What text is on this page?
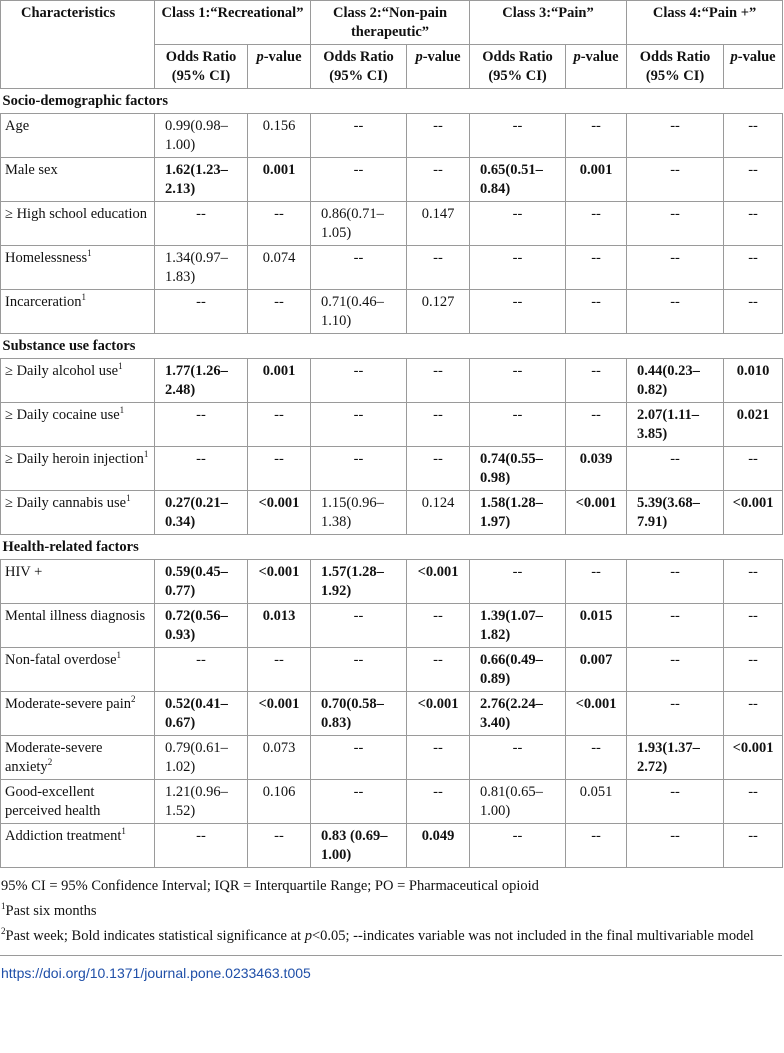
Characteristics	Class 1:“Recreational”		Class 2:“Non-pain therapeutic”		Class 3:“Pain”		Class 4:“Pain +”	
	Odds Ratio (95% CI)	p-value	Odds Ratio (95% CI)	p-value	Odds Ratio (95% CI)	p-value	Odds Ratio (95% CI)	p-value
Socio-demographic factors								
Age	0.99(0.98–1.00)	0.156	--	--	--	--	--	--
Male sex	1.62(1.23–2.13)	0.001	--	--	0.65(0.51–0.84)	0.001	--	--
≥ High school education	--	--	0.86(0.71–1.05)	0.147	--	--	--	--
Homelessness$^1$	1.34(0.97–1.83)	0.074	--	--	--	--	--	--
Incarceration$^1$	--	--	0.71(0.46–1.10)	0.127	--	--	--	--
Substance use factors								
≥ Daily alcohol use$^1$	1.77(1.26–2.48)	0.001	--	--	--	--	0.44(0.23–0.82)	0.010
≥ Daily cocaine use$^1$	--	--	--	--	--	--	2.07(1.11–3.85)	0.021
≥ Daily heroin injection$^1$	--	--	--	--	0.74(0.55–0.98)	0.039	--	--
≥ Daily cannabis use$^1$	0.27(0.21–0.34)	<0.001	1.15(0.96–1.38)	0.124	1.58(1.28–1.97)	<0.001	5.39(3.68–7.91)	<0.001
Health-related factors								
HIV +	0.59(0.45–0.77)	<0.001	1.57(1.28–1.92)	<0.001	--	--	--	--
Mental illness diagnosis	0.72(0.56–0.93)	0.013	--	--	1.39(1.07–1.82)	0.015	--	--
Non-fatal overdose$^1$	--	--	--	--	0.66(0.49–0.89)	0.007	--	--
Moderate-severe pain$^2$	0.52(0.41–0.67)	<0.001	0.70(0.58–0.83)	<0.001	2.76(2.24–3.40)	<0.001	--	--
Moderate-severe anxiety$^2$	0.79(0.61–1.02)	0.073	--	--	--	--	1.93(1.37–2.72)	<0.001
Good-excellent perceived health	1.21(0.96–1.52)	0.106	--	--	0.81(0.65–1.00)	0.051	--	--
Addiction treatment$^1$	--	--	0.83 (0.69–1.00)	0.049	--	--	--	--
95% CI = 95% Confidence Interval; IQR = Interquartile Range; PO = Pharmaceutical opioid
$^1$Past six months
$^2$Past week; Bold indicates statistical significance at p<0.05; --indicates variable was not included in the final multivariable model
https://doi.org/10.1371/journal.pone.0233463.t005
